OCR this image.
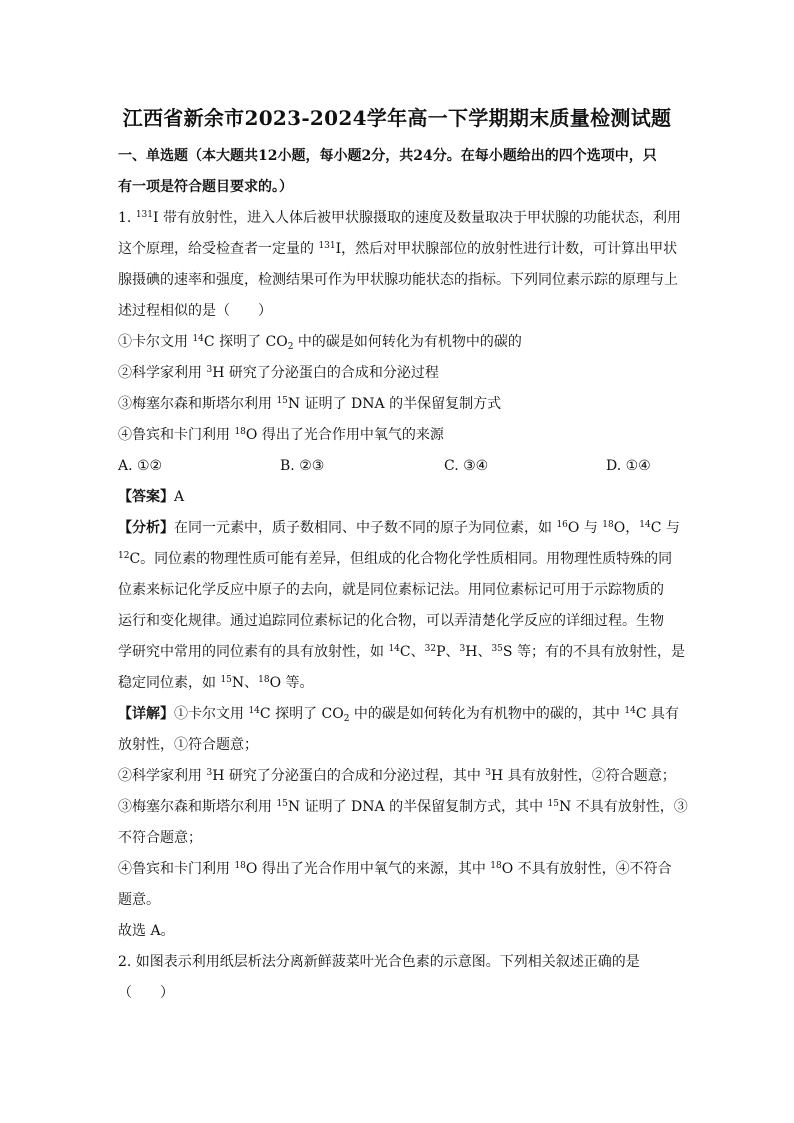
江西省新余市2023-2024学年高一下学期期末质量检测试题
一、单选题（本大题共12小题，每小题2分，共24分。在每小题给出的四个选项中，只
有一项是符合题目要求的。）
1. $^{131}$I 带有放射性，进入人体后被甲状腺摄取的速度及数量取决于甲状腺的功能状态，利用
这个原理，给受检查者一定量的 $^{131}$I，然后对甲状腺部位的放射性进行计数，可计算出甲状
腺摄碘的速率和强度，检测结果可作为甲状腺功能状态的指标。下列同位素示踪的原理与上
述过程相似的是（　　）
①卡尔文用 $^{14}$C 探明了 $CO_2$ 中的碳是如何转化为有机物中的碳的
②科学家利用 $^3$H 研究了分泌蛋白的合成和分泌过程
③梅塞尔森和斯塔尔利用 $^{15}$N 证明了 DNA 的半保留复制方式
④鲁宾和卡门利用 $^{18}$O 得出了光合作用中氧气的来源
A. ①②	B. ②③	C. ③④	D. ①④
【答案】A
【分析】在同一元素中，质子数相同、中子数不同的原子为同位素，如 $^{16}$O 与 $^{18}$O，$^{14}$C 与
$^{12}$C。同位素的物理性质可能有差异，但组成的化合物化学性质相同。用物理性质特殊的同
位素来标记化学反应中原子的去向，就是同位素标记法。用同位素标记可用于示踪物质的
运行和变化规律。通过追踪同位素标记的化合物，可以弄清楚化学反应的详细过程。生物
学研究中常用的同位素有的具有放射性，如 $^{14}$C、$^{32}$P、$^3$H、$^{35}$S 等；有的不具有放射性，是
稳定同位素，如 $^{15}$N、$^{18}$O 等。
【详解】①卡尔文用 $^{14}$C 探明了 $CO_2$ 中的碳是如何转化为有机物中的碳的，其中 $^{14}$C 具有
放射性，①符合题意；
②科学家利用 $^3$H 研究了分泌蛋白的合成和分泌过程，其中 $^3$H 具有放射性，②符合题意；
③梅塞尔森和斯塔尔利用 $^{15}$N 证明了 DNA 的半保留复制方式，其中 $^{15}$N 不具有放射性，③
不符合题意；
④鲁宾和卡门利用 $^{18}$O 得出了光合作用中氧气的来源，其中 $^{18}$O 不具有放射性，④不符合
题意。
故选 A。
2. 如图表示利用纸层析法分离新鲜菠菜叶光合色素的示意图。下列相关叙述正确的是
（　　）
